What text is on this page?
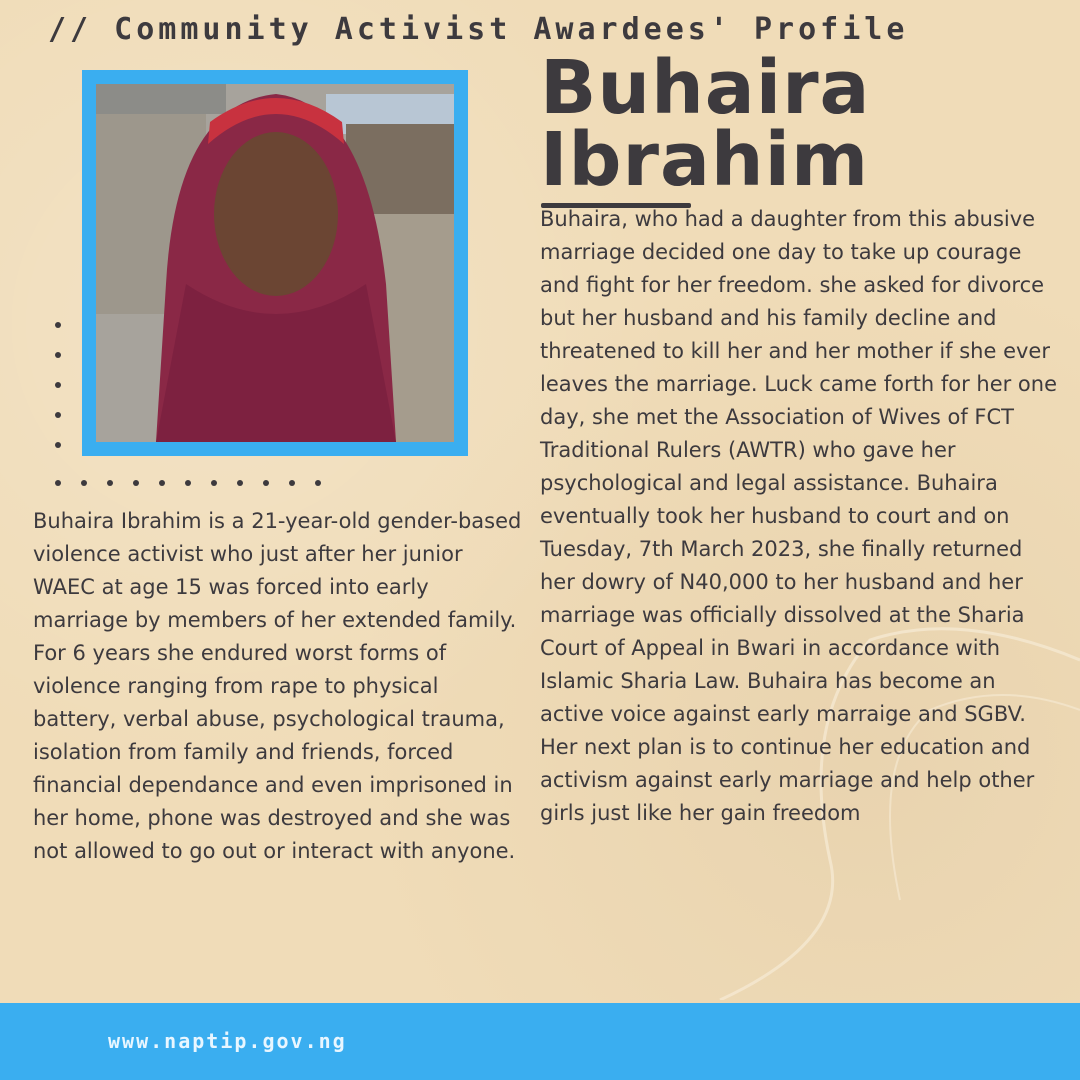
// Community Activist Awardees' Profile
Buhaira
Ibrahim
Buhaira, who had a daughter from this abusive marriage decided one day to take up courage and fight for her freedom. she asked for divorce but her husband and his family decline and threatened to kill her and her mother if she ever leaves the marriage. Luck came forth for her one day, she met the Association of Wives of FCT Traditional Rulers (AWTR) who gave her psychological and legal assistance. Buhaira eventually took her husband to court and on Tuesday, 7th March 2023, she finally returned her dowry of N40,000 to her husband and her marriage was officially dissolved at the Sharia Court of Appeal in Bwari in accordance with Islamic Sharia Law. Buhaira has become an active voice against early marraige and SGBV. Her next plan is to continue her education and activism against early marriage and help other girls just like her gain freedom
Buhaira Ibrahim is a 21-year-old gender-based violence activist who just after her junior WAEC at age 15 was forced into early marriage by members of her extended family. For 6 years she endured worst forms of violence ranging from rape to physical battery, verbal abuse, psychological trauma, isolation from family and friends, forced financial dependance and even imprisoned in her home, phone was destroyed and she was not allowed to go out or interact with anyone.
www.naptip.gov.ng
